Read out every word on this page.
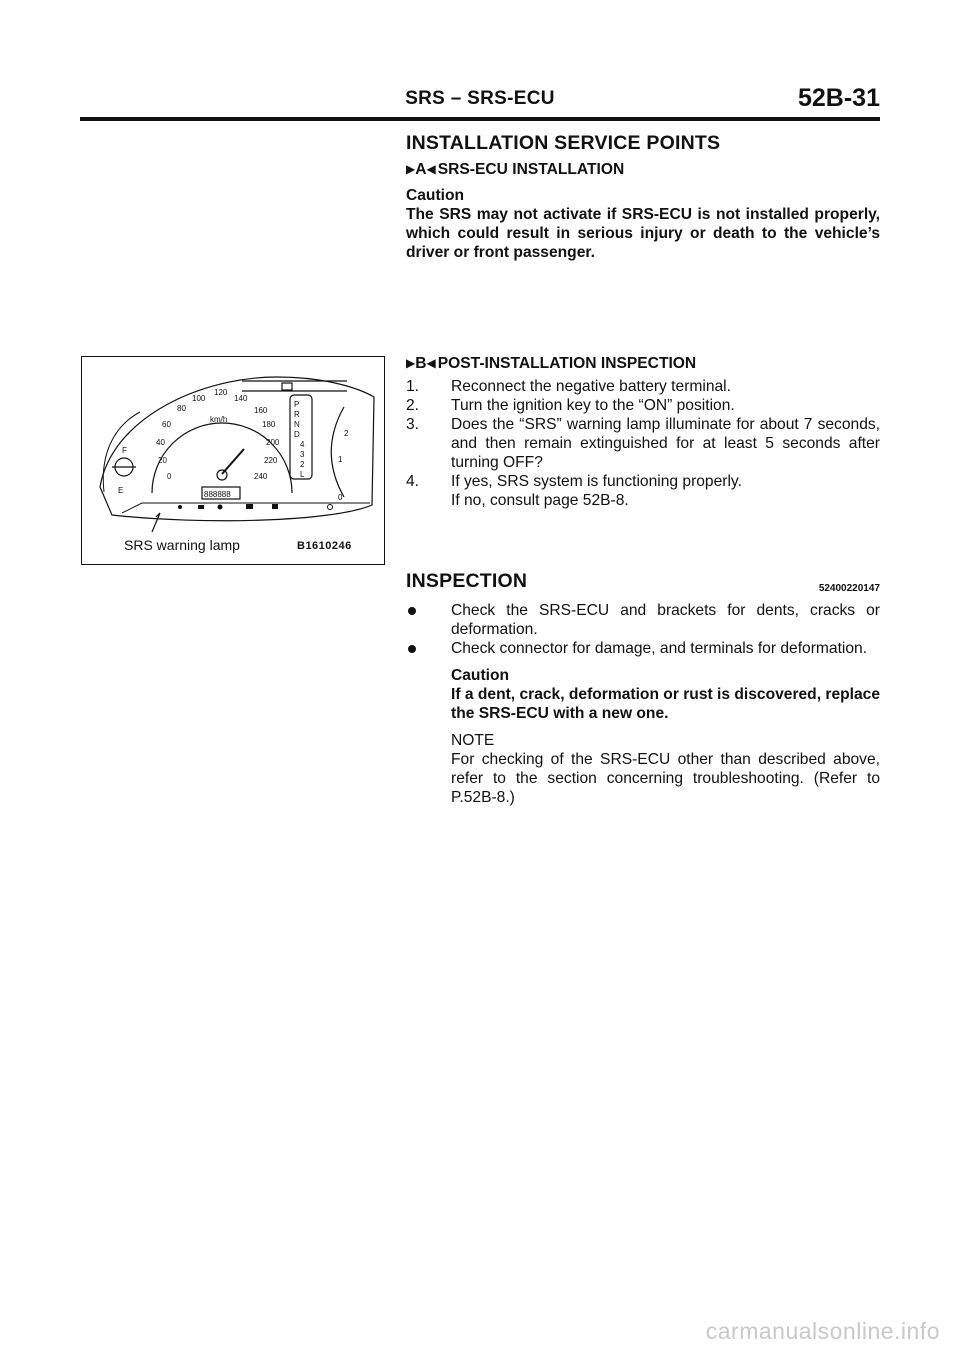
SRS – SRS-ECU	52B-31
INSTALLATION SERVICE POINTS
▶ A ◀ SRS-ECU INSTALLATION
Caution
The SRS may not activate if SRS-ECU is not installed properly, which could result in serious injury or death to the vehicle’s driver or front passenger.
▶ B ◀ POST-INSTALLATION INSPECTION
1. Reconnect the negative battery terminal.
2. Turn the ignition key to the “ON” position.
3. Does the “SRS” warning lamp illuminate for about 7 seconds, and then remain extinguished for at least 5 seconds after turning OFF?
4. If yes, SRS system is functioning properly.
If no, consult page 52B-8.
INSPECTION	52400220147
Check the SRS-ECU and brackets for dents, cracks or deformation.
Check connector for damage, and terminals for deformation.
Caution
If a dent, crack, deformation or rust is discovered, replace the SRS-ECU with a new one.
NOTE
For checking of the SRS-ECU other than described above, refer to the section concerning troubleshooting. (Refer to P.52B-8.)
0
20
40
60
80
100
120
140
160
180
200
220
240
km/h
888888
P
R
N
D
4
3
2
L
0
1
2
F
E
SRS warning lamp	B1610246
carmanualsonline.info
